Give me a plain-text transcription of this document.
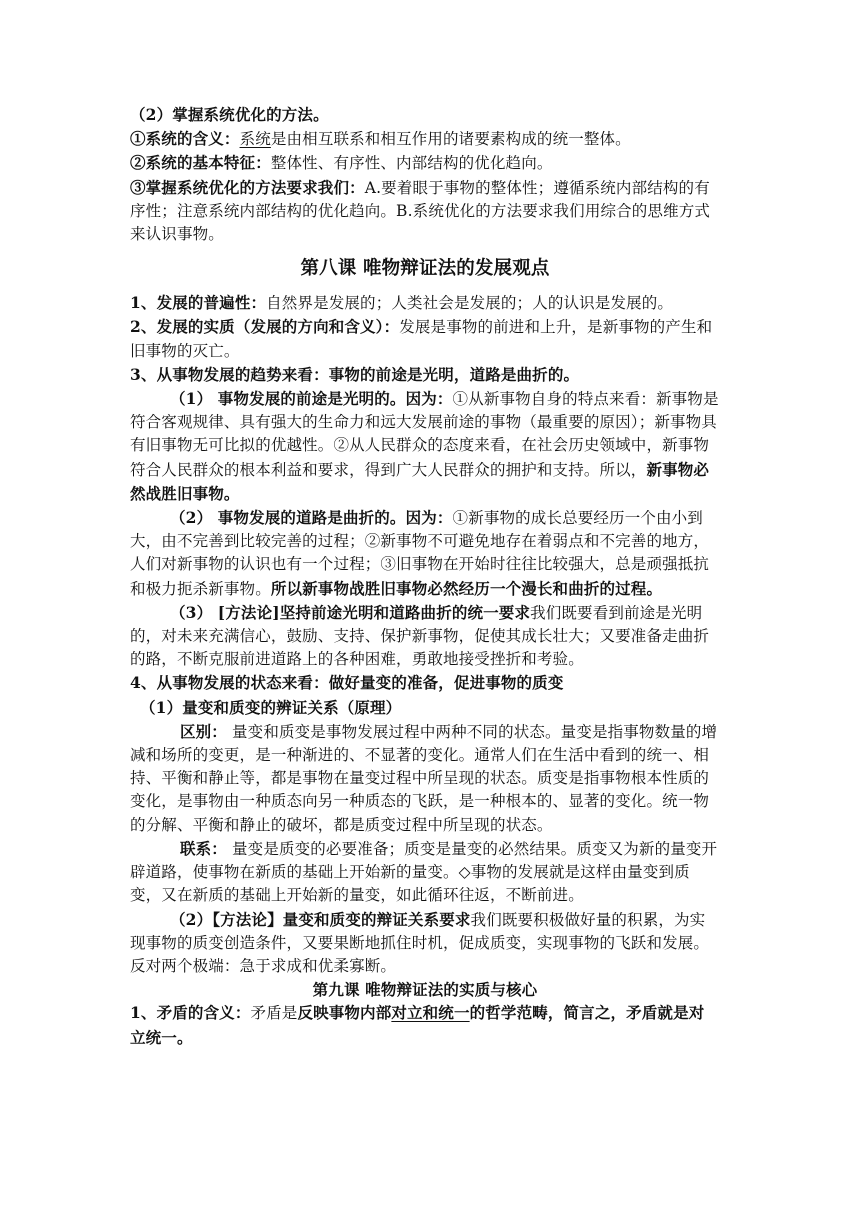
（2）掌握系统优化的方法。

①系统的含义：系统是由相互联系和相互作用的诸要素构成的统一整体。

②系统的基本特征：整体性、有序性、内部结构的优化趋向。

③掌握系统优化的方法要求我们：A.要着眼于事物的整体性；遵循系统内部结构的有序性；注意系统内部结构的优化趋向。B.系统优化的方法要求我们用综合的思维方式来认识事物。

第八课 唯物辩证法的发展观点

1、发展的普遍性：自然界是发展的；人类社会是发展的；人的认识是发展的。

2、发展的实质（发展的方向和含义）：发展是事物的前进和上升，是新事物的产生和旧事物的灭亡。

3、从事物发展的趋势来看：事物的前途是光明，道路是曲折的。

（1） 事物发展的前途是光明的。因为：①从新事物自身的特点来看：新事物是符合客观规律、具有强大的生命力和远大发展前途的事物（最重要的原因）；新事物具有旧事物无可比拟的优越性。②从人民群众的态度来看，在社会历史领域中，新事物符合人民群众的根本利益和要求，得到广大人民群众的拥护和支持。所以，新事物必然战胜旧事物。

（2） 事物发展的道路是曲折的。因为：①新事物的成长总要经历一个由小到大，由不完善到比较完善的过程；②新事物不可避免地存在着弱点和不完善的地方，人们对新事物的认识也有一个过程；③旧事物在开始时往往比较强大，总是顽强抵抗和极力扼杀新事物。所以新事物战胜旧事物必然经历一个漫长和曲折的过程。

（3） [方法论]坚持前途光明和道路曲折的统一要求我们既要看到前途是光明的，对未来充满信心，鼓励、支持、保护新事物，促使其成长壮大；又要准备走曲折的路，不断克服前进道路上的各种困难，勇敢地接受挫折和考验。

4、从事物发展的状态来看：做好量变的准备，促进事物的质变

（1）量变和质变的辨证关系（原理）

区别： 量变和质变是事物发展过程中两种不同的状态。量变是指事物数量的增减和场所的变更，是一种渐进的、不显著的变化。通常人们在生活中看到的统一、相持、平衡和静止等，都是事物在量变过程中所呈现的状态。质变是指事物根本性质的变化，是事物由一种质态向另一种质态的飞跃，是一种根本的、显著的变化。统一物的分解、平衡和静止的破坏，都是质变过程中所呈现的状态。

联系： 量变是质变的必要准备；质变是量变的必然结果。质变又为新的量变开辟道路，使事物在新质的基础上开始新的量变。◇事物的发展就是这样由量变到质变，又在新质的基础上开始新的量变，如此循环往返，不断前进。

（2）【方法论】量变和质变的辩证关系要求我们既要积极做好量的积累，为实现事物的质变创造条件，又要果断地抓住时机，促成质变，实现事物的飞跃和发展。反对两个极端：急于求成和优柔寡断。

第九课 唯物辩证法的实质与核心

1、矛盾的含义：矛盾是反映事物内部对立和统一的哲学范畴，简言之，矛盾就是对立统一。
